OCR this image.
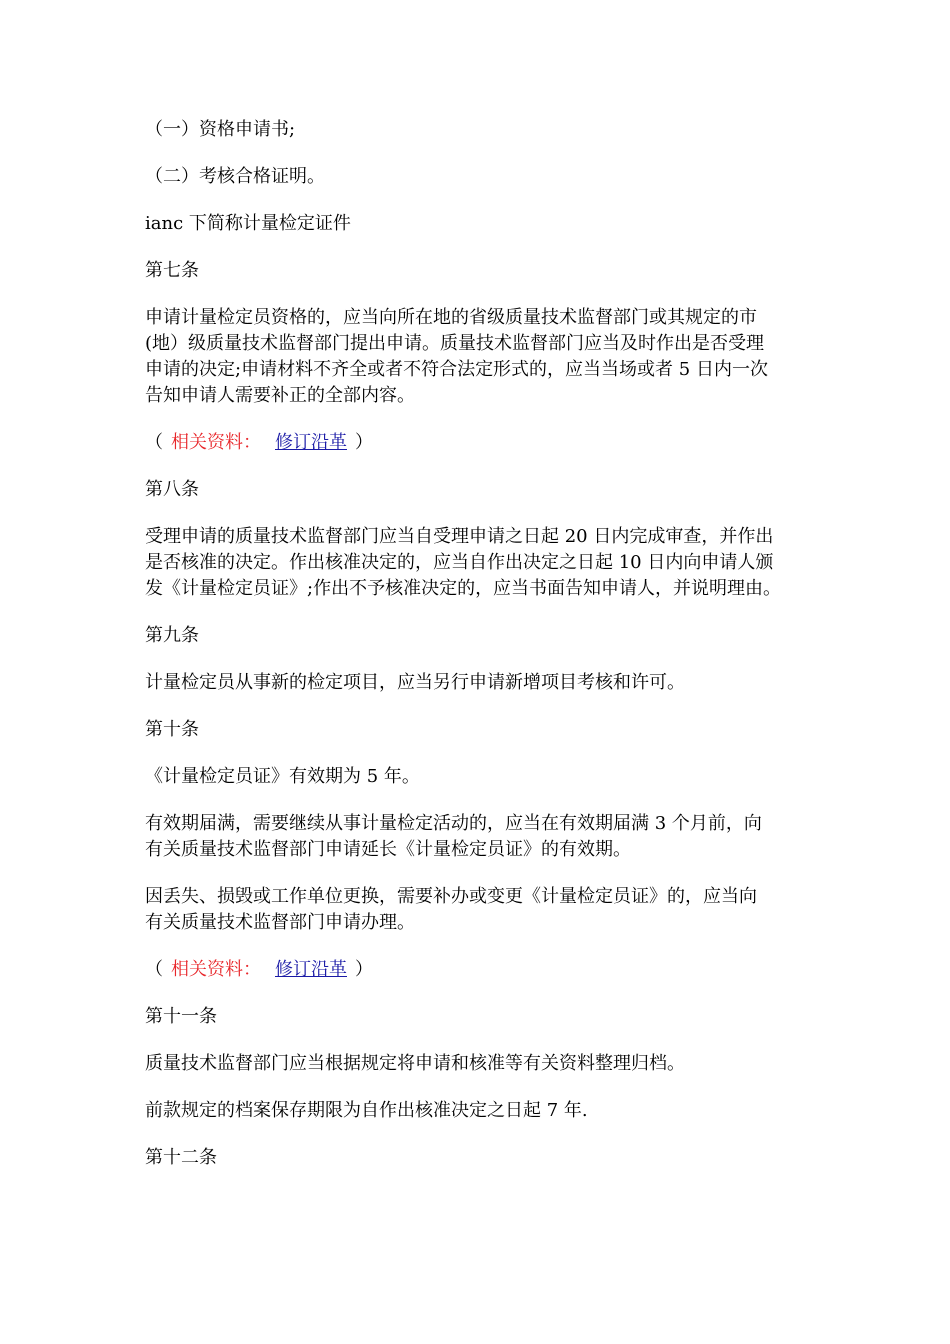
（一）资格申请书;

（二）考核合格证明。

ianc 下简称计量检定证件

第七条

申请计量检定员资格的，应当向所在地的省级质量技术监督部门或其规定的市
(地）级质量技术监督部门提出申请。质量技术监督部门应当及时作出是否受理
申请的决定;申请材料不齐全或者不符合法定形式的，应当当场或者 5 日内一次
告知申请人需要补正的全部内容。

（ 相关资料： 修订沿革 ）

第八条

受理申请的质量技术监督部门应当自受理申请之日起 20 日内完成审查，并作出
是否核准的决定。作出核准决定的，应当自作出决定之日起 10 日内向申请人颁
发《计量检定员证》;作出不予核准决定的，应当书面告知申请人，并说明理由。

第九条

计量检定员从事新的检定项目，应当另行申请新增项目考核和许可。

第十条

《计量检定员证》有效期为 5 年。

有效期届满，需要继续从事计量检定活动的，应当在有效期届满 3 个月前，向
有关质量技术监督部门申请延长《计量检定员证》的有效期。

因丢失、损毁或工作单位更换，需要补办或变更《计量检定员证》的，应当向
有关质量技术监督部门申请办理。

（ 相关资料： 修订沿革 ）

第十一条

质量技术监督部门应当根据规定将申请和核准等有关资料整理归档。

前款规定的档案保存期限为自作出核准决定之日起 7 年.

第十二条
